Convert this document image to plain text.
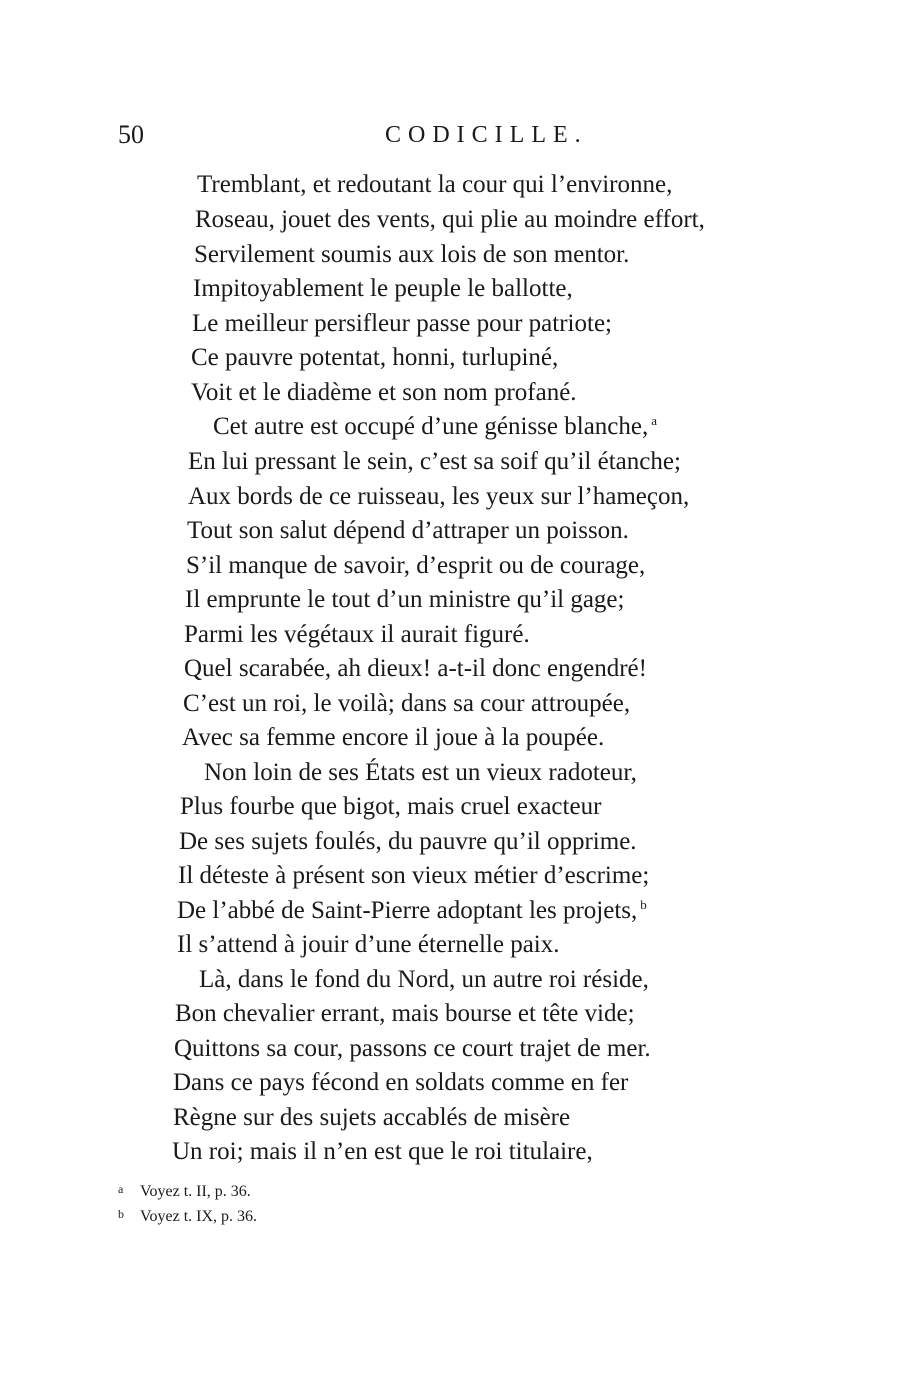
50	CODICILLE.
Tremblant, et redoutant la cour qui l’environne,
Roseau, jouet des vents, qui plie au moindre effort,
Servilement soumis aux lois de son mentor.
Impitoyablement le peuple le ballotte,
Le meilleur persifleur passe pour patriote;
Ce pauvre potentat, honni, turlupiné,
Voit et le diadème et son nom profané.
Cet autre est occupé d’une génisse blanche, $^a$
En lui pressant le sein, c’est sa soif qu’il étanche;
Aux bords de ce ruisseau, les yeux sur l’hameçon,
Tout son salut dépend d’attraper un poisson.
S’il manque de savoir, d’esprit ou de courage,
Il emprunte le tout d’un ministre qu’il gage;
Parmi les végétaux il aurait figuré.
Quel scarabée, ah dieux! a-t-il donc engendré!
C’est un roi, le voilà; dans sa cour attroupée,
Avec sa femme encore il joue à la poupée.
Non loin de ses États est un vieux radoteur,
Plus fourbe que bigot, mais cruel exacteur
De ses sujets foulés, du pauvre qu’il opprime.
Il déteste à présent son vieux métier d’escrime;
De l’abbé de Saint-Pierre adoptant les projets, $^b$
Il s’attend à jouir d’une éternelle paix.
Là, dans le fond du Nord, un autre roi réside,
Bon chevalier errant, mais bourse et tête vide;
Quittons sa cour, passons ce court trajet de mer.
Dans ce pays fécond en soldats comme en fer
Règne sur des sujets accablés de misère
Un roi; mais il n’en est que le roi titulaire,
a Voyez t. II, p. 36.
b Voyez t. IX, p. 36.
